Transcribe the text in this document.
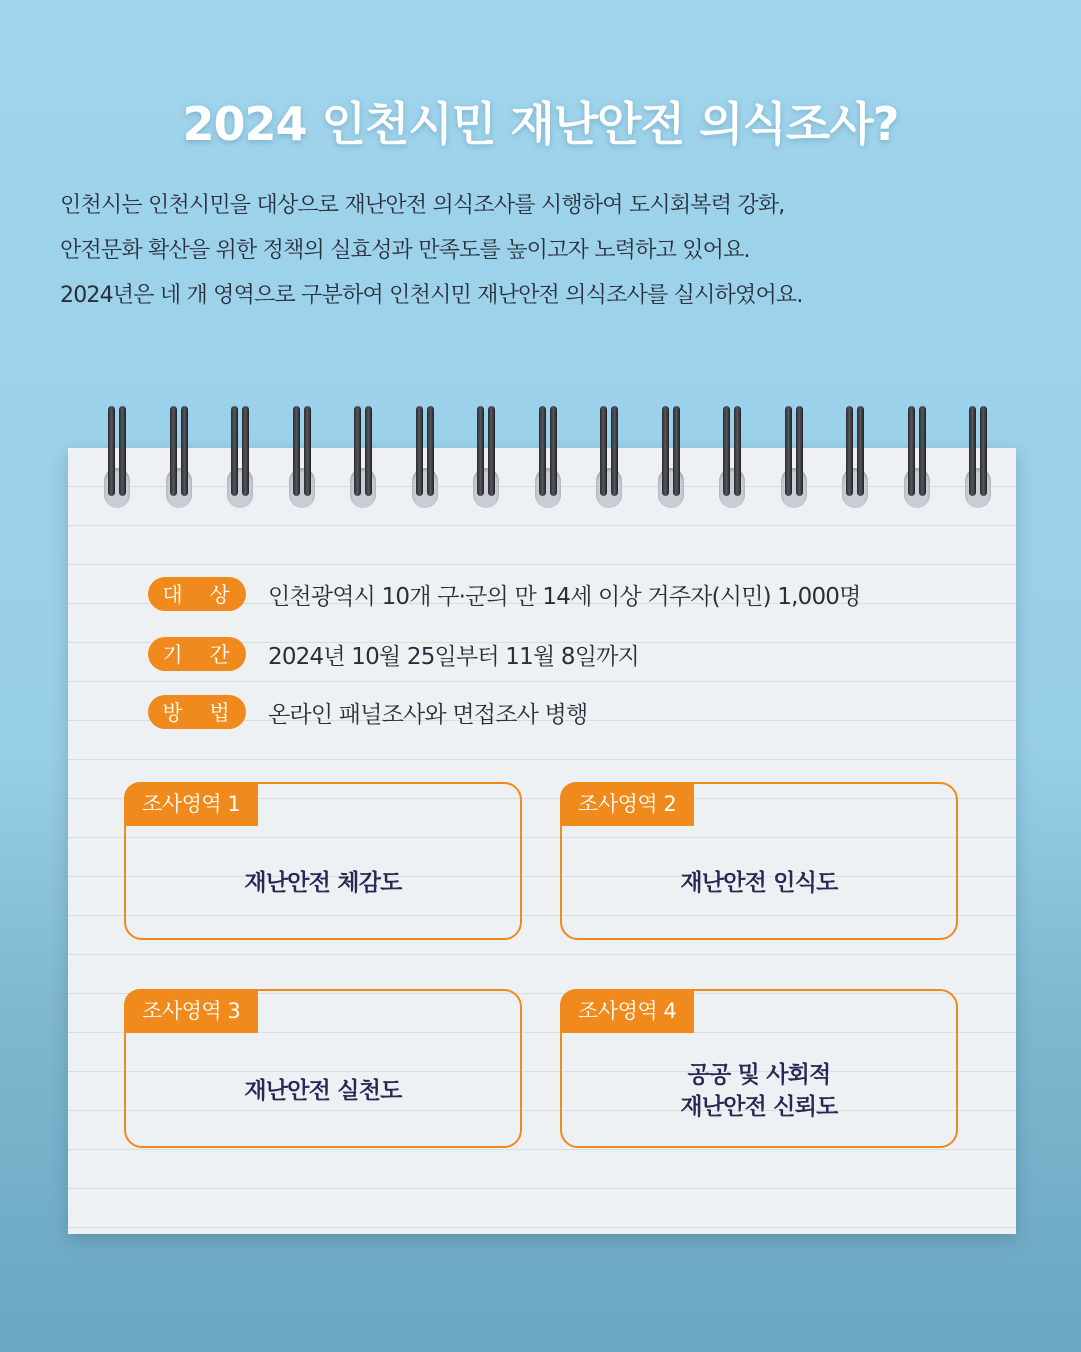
2024 인천시민 재난안전 의식조사?

인천시는 인천시민을 대상으로 재난안전 의식조사를 시행하여 도시회복력 강화,

안전문화 확산을 위한 정책의 실효성과 만족도를 높이고자 노력하고 있어요.

2024년은 네 개 영역으로 구분하여 인천시민 재난안전 의식조사를 실시하였어요.

대 상 인천광역시 10개 구·군의 만 14세 이상 거주자(시민) 1,000명
기 간 2024년 10월 25일부터 11월 8일까지
방 법 온라인 패널조사와 면접조사 병행
조사영역 1
재난안전 체감도
조사영역 2
재난안전 인식도
조사영역 3
재난안전 실천도
조사영역 4
공공 및 사회적
재난안전 신뢰도
